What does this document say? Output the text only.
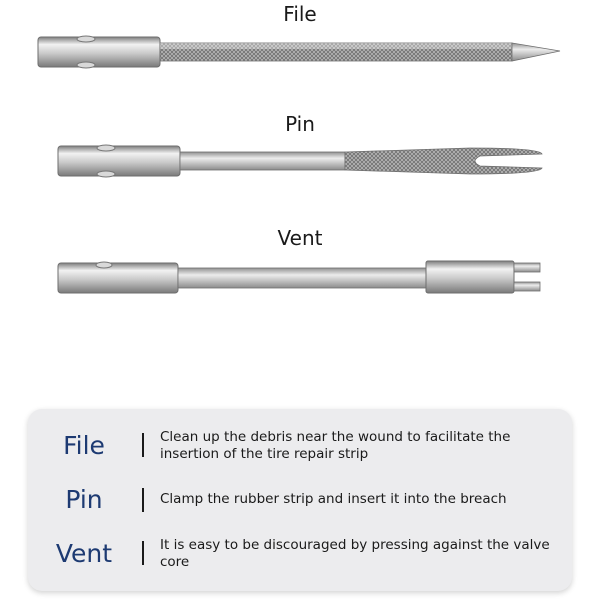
File
Pin
Vent
File	Clean up the debris near the wound to facilitate the insertion of the tire repair strip
Pin	Clamp the rubber strip and insert it into the breach
Vent	It is easy to be discouraged by pressing against the valve core
